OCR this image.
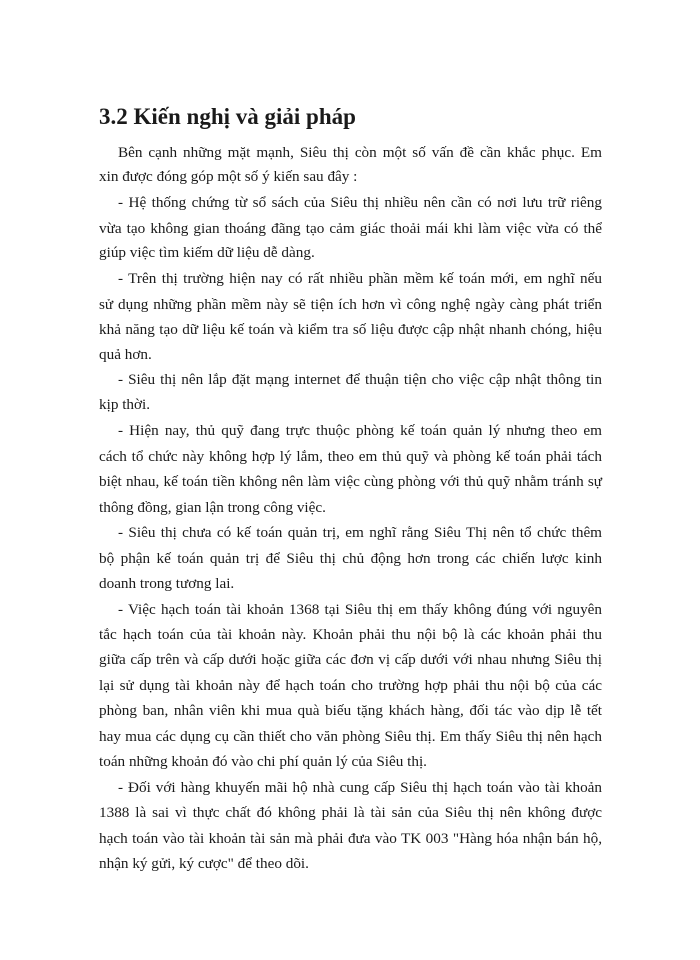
3.2 Kiến nghị và giải pháp

Bên cạnh những mặt mạnh, Siêu thị còn một số vấn đề cần khắc phục. Em

xin được đóng góp một số ý kiến sau đây :

- Hệ thống chứng từ sổ sách của Siêu thị nhiều nên cần có nơi lưu trữ riêng

vừa tạo không gian thoáng đãng tạo cảm giác thoải mái khi làm việc vừa có thể

giúp việc tìm kiếm dữ liệu dễ dàng.

- Trên thị trường hiện nay có rất nhiều phần mềm kế toán mới, em nghĩ nếu

sử dụng những phần mềm này sẽ tiện ích hơn vì công nghệ ngày càng phát triển

khả năng tạo dữ liệu kế toán và kiểm tra số liệu được cập nhật nhanh chóng, hiệu

quả hơn.

- Siêu thị nên lắp đặt mạng internet để thuận tiện cho việc cập nhật thông tin

kịp thời.

- Hiện nay, thủ quỹ đang trực thuộc phòng kế toán quản lý nhưng theo em

cách tổ chức này không hợp lý lắm, theo em thủ quỹ và phòng kế toán phải tách

biệt nhau, kế toán tiền không nên làm việc cùng phòng với thủ quỹ nhằm tránh sự

thông đồng, gian lận trong công việc.

- Siêu thị chưa có kế toán quản trị, em nghĩ rằng Siêu Thị nên tổ chức thêm

bộ phận kế toán quản trị để Siêu thị chủ động hơn trong các chiến lược kinh

doanh trong tương lai.

- Việc hạch toán tài khoản 1368 tại Siêu thị em thấy không đúng với nguyên

tắc hạch toán của tài khoản này. Khoản phải thu nội bộ là các khoản phải thu

giữa cấp trên và cấp dưới hoặc giữa các đơn vị cấp dưới với nhau nhưng Siêu thị

lại sử dụng tài khoản này để hạch toán cho trường hợp phải thu nội bộ của các

phòng ban, nhân viên khi mua quà biếu tặng khách hàng, đối tác vào dịp lễ tết

hay mua các dụng cụ cần thiết cho văn phòng Siêu thị. Em thấy Siêu thị nên hạch

toán những khoản đó vào chi phí quản lý của Siêu thị.

- Đối với hàng khuyến mãi hộ nhà cung cấp Siêu thị hạch toán vào tài khoản

1388 là sai vì thực chất đó không phải là tài sản của Siêu thị nên không được

hạch toán vào tài khoản tài sản mà phải đưa vào TK 003 "Hàng hóa nhận bán hộ,

nhận ký gửi, ký cược" để theo dõi.
